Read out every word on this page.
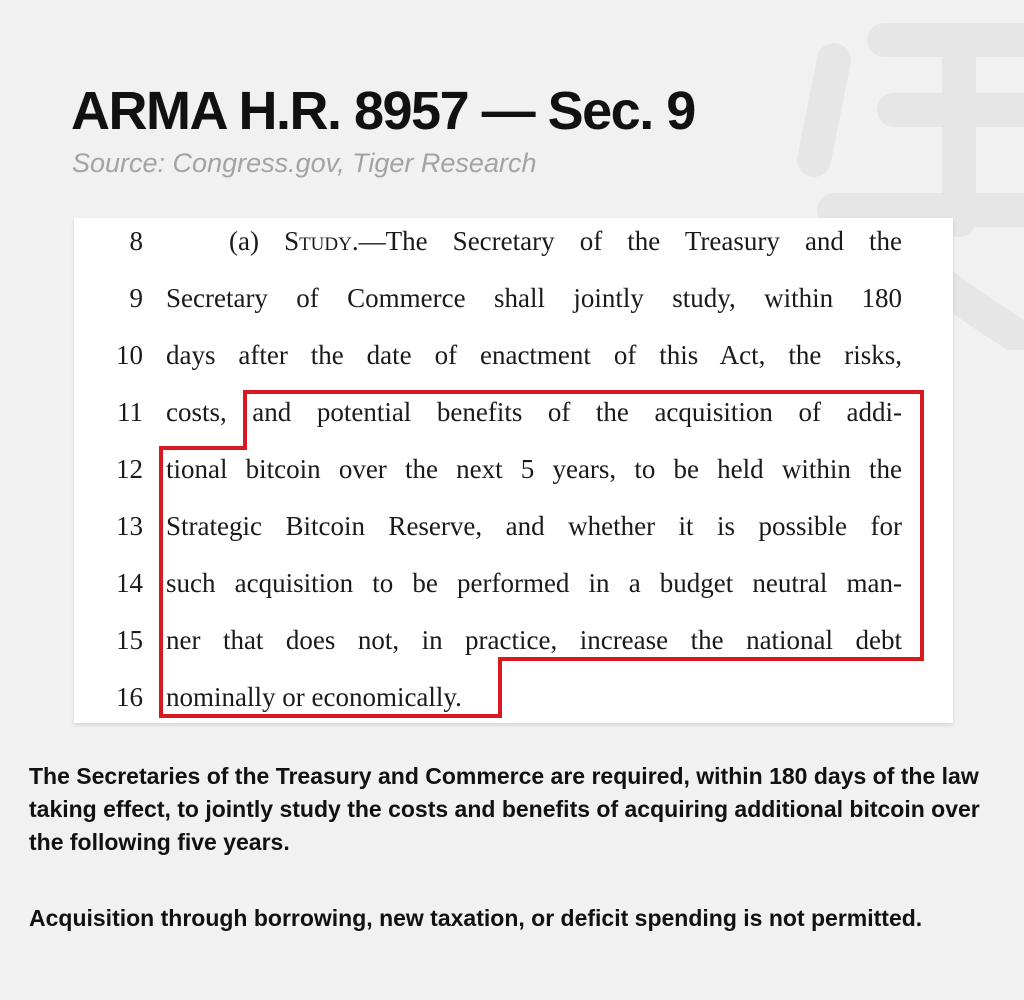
ARMA H.R. 8957 — Sec. 9
Source: Congress.gov, Tiger Research
8	(a) Study.—The Secretary of the Treasury and the
9 Secretary of Commerce shall jointly study, within 180
10 days after the date of enactment of this Act, the risks,
11 costs, and potential benefits of the acquisition of addi-
12 tional bitcoin over the next 5 years, to be held within the
13 Strategic Bitcoin Reserve, and whether it is possible for
14 such acquisition to be performed in a budget neutral man-
15 ner that does not, in practice, increase the national debt
16 nominally or economically.
The Secretaries of the Treasury and Commerce are required, within 180 days of the law taking effect, to jointly study the costs and benefits of acquiring additional bitcoin over the following five years.
Acquisition through borrowing, new taxation, or deficit spending is not permitted.
